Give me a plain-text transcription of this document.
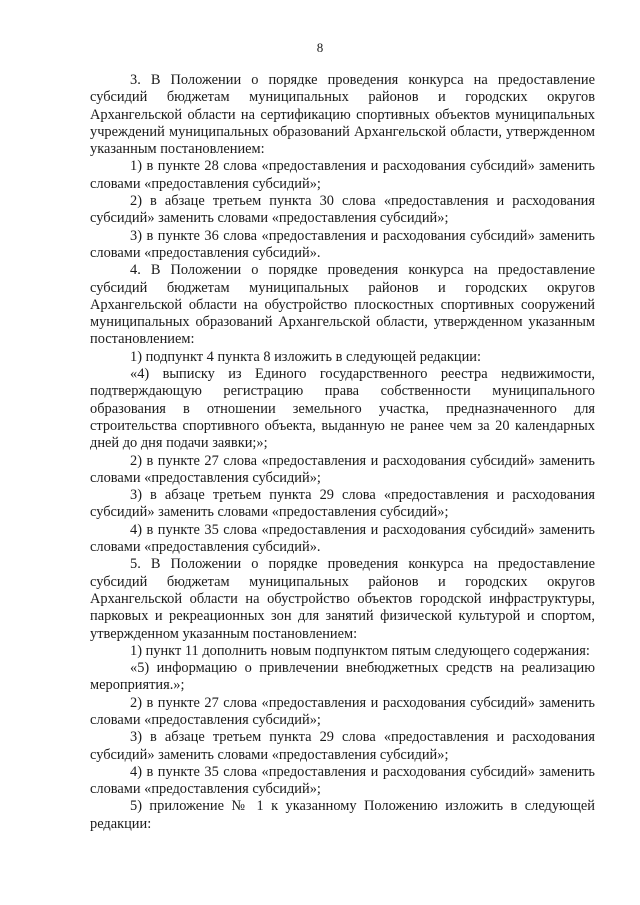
8

3. В Положении о порядке проведения конкурса на предоставление субсидий бюджетам муниципальных районов и городских округов Архангельской области на сертификацию спортивных объектов муниципальных учреждений муниципальных образований Архангельской области, утвержденном указанным постановлением:

1) в пункте 28 слова «предоставления и расходования субсидий» заменить словами «предоставления субсидий»;

2) в абзаце третьем пункта 30 слова «предоставления и расходования субсидий» заменить словами «предоставления субсидий»;

3) в пункте 36 слова «предоставления и расходования субсидий» заменить словами «предоставления субсидий».

4. В Положении о порядке проведения конкурса на предоставление субсидий бюджетам муниципальных районов и городских округов Архангельской области на обустройство плоскостных спортивных сооружений муниципальных образований Архангельской области, утвержденном указанным постановлением:

1) подпункт 4 пункта 8 изложить в следующей редакции:

«4) выписку из Единого государственного реестра недвижимости, подтверждающую регистрацию права собственности муниципального образования в отношении земельного участка, предназначенного для строительства спортивного объекта, выданную не ранее чем за 20 календарных дней до дня подачи заявки;»;

2) в пункте 27 слова «предоставления и расходования субсидий» заменить словами «предоставления субсидий»;

3) в абзаце третьем пункта 29 слова «предоставления и расходования субсидий» заменить словами «предоставления субсидий»;

4) в пункте 35 слова «предоставления и расходования субсидий» заменить словами «предоставления субсидий».

5. В Положении о порядке проведения конкурса на предоставление субсидий бюджетам муниципальных районов и городских округов Архангельской области на обустройство объектов городской инфраструктуры, парковых и рекреационных зон для занятий физической культурой и спортом, утвержденном указанным постановлением:

1) пункт 11 дополнить новым подпунктом пятым следующего содержания:

«5) информацию о привлечении внебюджетных средств на реализацию мероприятия.»;

2) в пункте 27 слова «предоставления и расходования субсидий» заменить словами «предоставления субсидий»;

3) в абзаце третьем пункта 29 слова «предоставления и расходования субсидий» заменить словами «предоставления субсидий»;

4) в пункте 35 слова «предоставления и расходования субсидий» заменить словами «предоставления субсидий»;

5) приложение № 1 к указанному Положению изложить в следующей редакции:
